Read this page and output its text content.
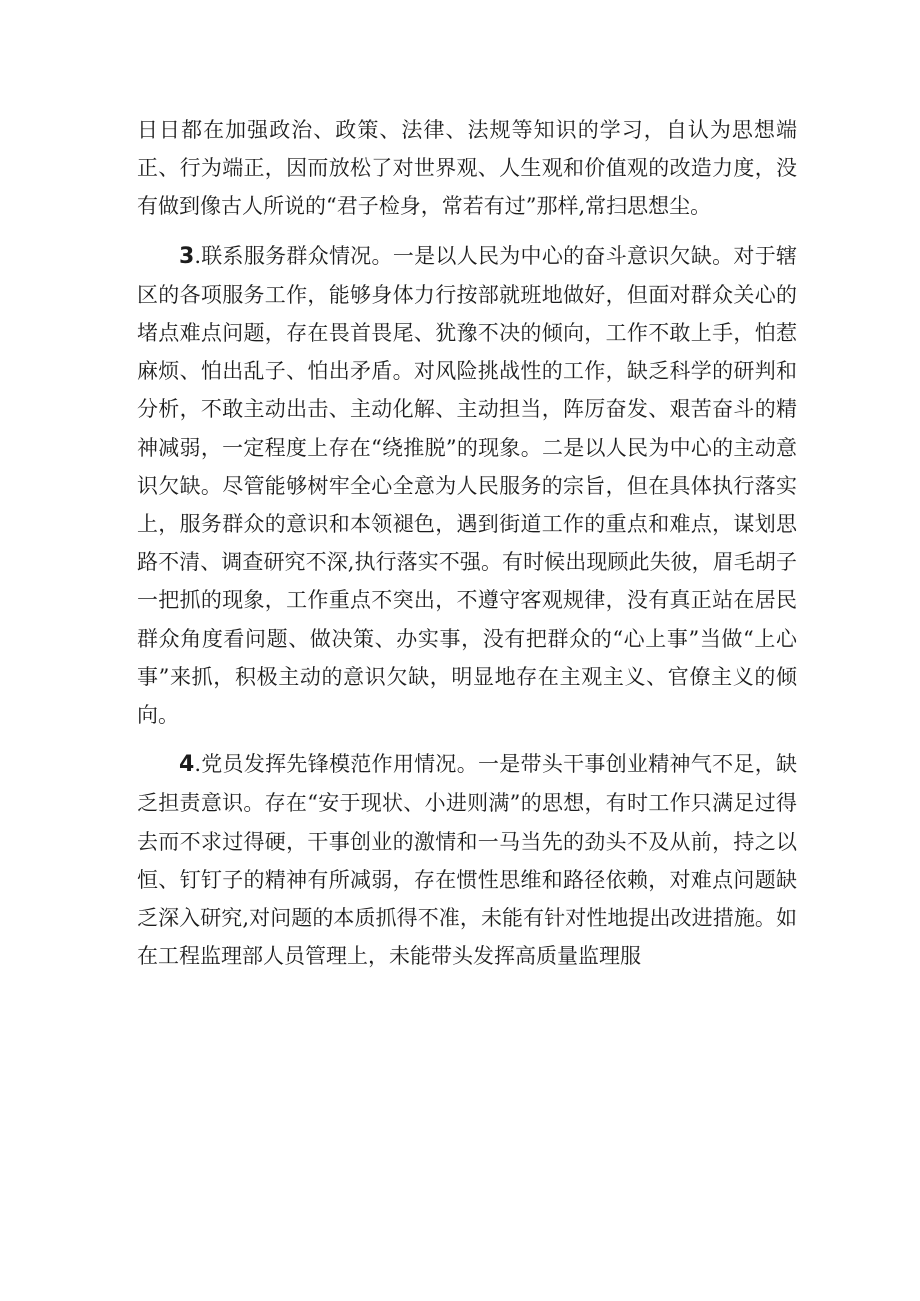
日日都在加强政治、政策、法律、法规等知识的学习，自认为思想端正、行为端正，因而放松了对世界观、人生观和价值观的改造力度，没有做到像古人所说的“君子检身，常若有过”那样,常扫思想尘。

3.联系服务群众情况。一是以人民为中心的奋斗意识欠缺。对于辖区的各项服务工作，能够身体力行按部就班地做好，但面对群众关心的堵点难点问题，存在畏首畏尾、犹豫不决的倾向，工作不敢上手，怕惹麻烦、怕出乱子、怕出矛盾。对风险挑战性的工作，缺乏科学的研判和分析，不敢主动出击、主动化解、主动担当，阵厉奋发、艰苦奋斗的精神减弱，一定程度上存在“绕推脱”的现象。二是以人民为中心的主动意识欠缺。尽管能够树牢全心全意为人民服务的宗旨，但在具体执行落实上，服务群众的意识和本领褪色，遇到街道工作的重点和难点，谋划思路不清、调查研究不深,执行落实不强。有时候出现顾此失彼，眉毛胡子一把抓的现象，工作重点不突出，不遵守客观规律，没有真正站在居民群众角度看问题、做决策、办实事，没有把群众的“心上事”当做“上心事”来抓，积极主动的意识欠缺，明显地存在主观主义、官僚主义的倾向。

4.党员发挥先锋模范作用情况。一是带头干事创业精神气不足，缺乏担责意识。存在“安于现状、小进则满”的思想，有时工作只满足过得去而不求过得硬，干事创业的激情和一马当先的劲头不及从前，持之以恒、钉钉子的精神有所减弱，存在惯性思维和路径依赖，对难点问题缺乏深入研究,对问题的本质抓得不准，未能有针对性地提出改进措施。如在工程监理部人员管理上，未能带头发挥高质量监理服
